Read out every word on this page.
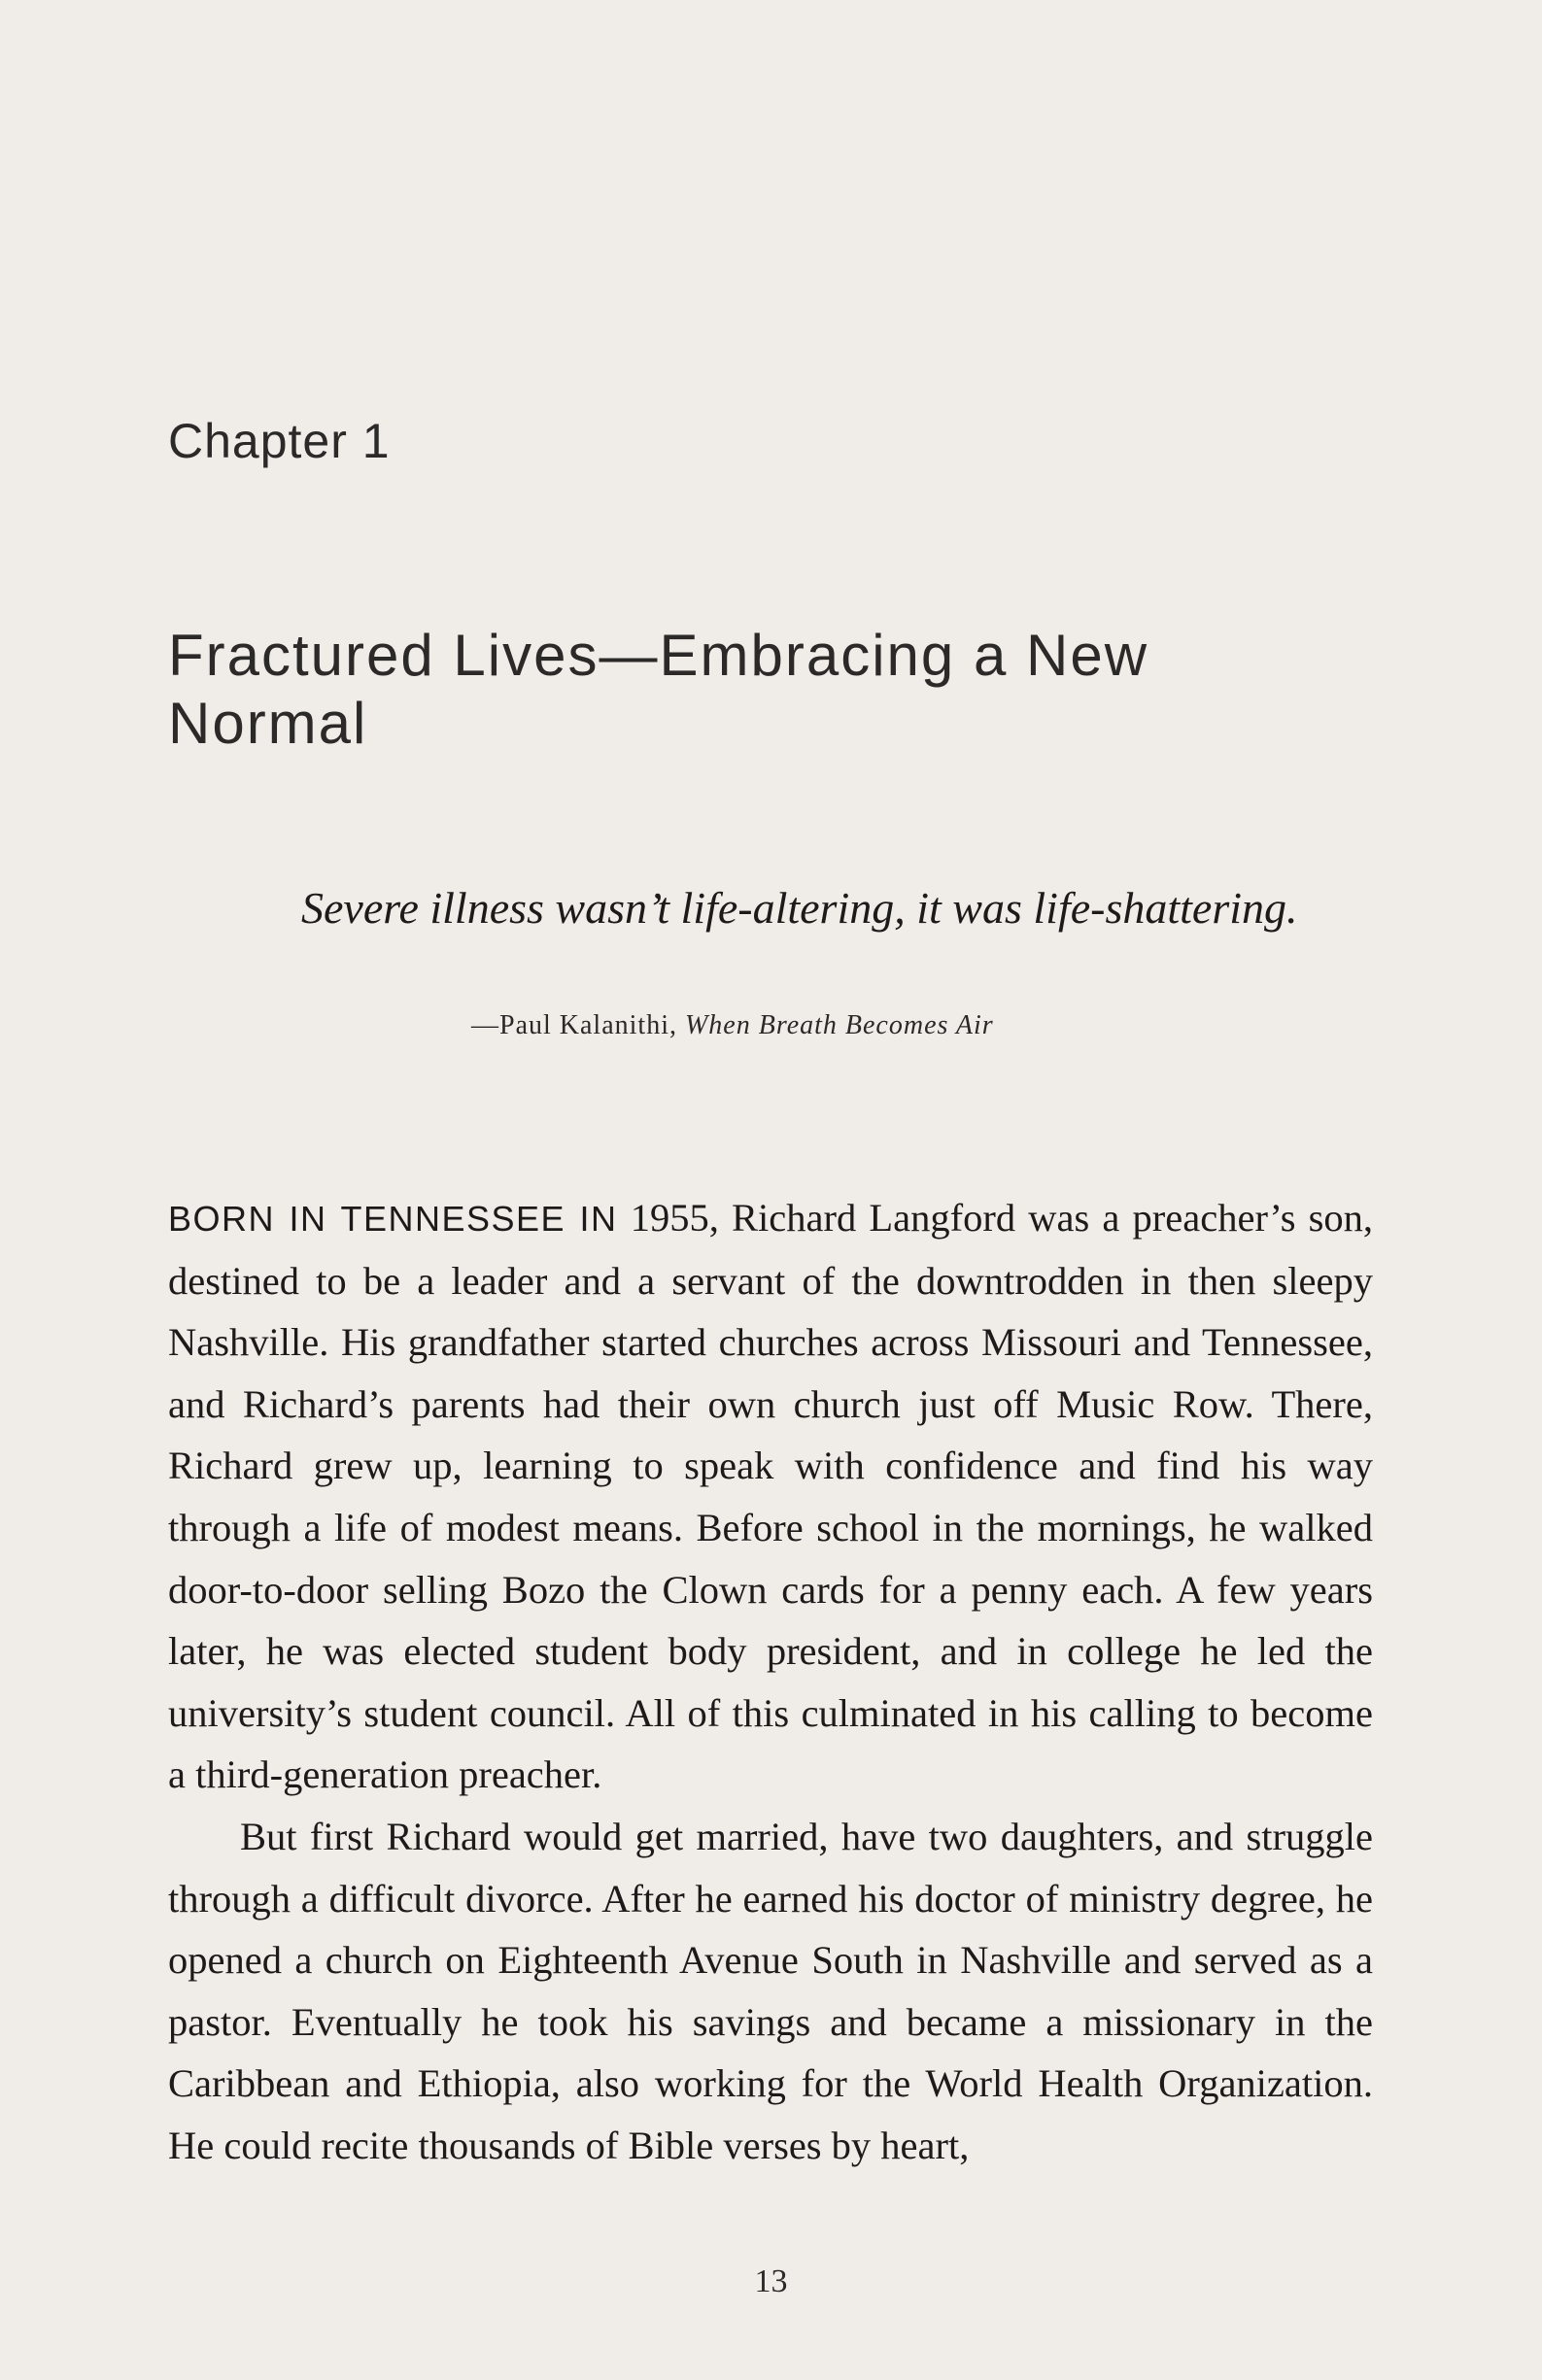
Chapter 1
Fractured Lives—Embracing a New Normal
Severe illness wasn’t life-altering, it was life-shattering.
—Paul Kalanithi, When Breath Becomes Air

BORN IN TENNESSEE IN 1955, Richard Langford was a preacher’s son, destined to be a leader and a servant of the downtrodden in then sleepy Nashville. His grandfather started churches across Missouri and Tennessee, and Richard’s parents had their own church just off Music Row. There, Richard grew up, learning to speak with confidence and find his way through a life of modest means. Before school in the mornings, he walked door-to-door selling Bozo the Clown cards for a penny each. A few years later, he was elected student body president, and in college he led the university’s student council. All of this culminated in his calling to become a third-generation preacher.

But first Richard would get married, have two daughters, and struggle through a difficult divorce. After he earned his doctor of ministry degree, he opened a church on Eighteenth Avenue South in Nashville and served as a pastor. Eventually he took his savings and became a missionary in the Caribbean and Ethiopia, also working for the World Health Organization. He could recite thousands of Bible verses by heart,

13
